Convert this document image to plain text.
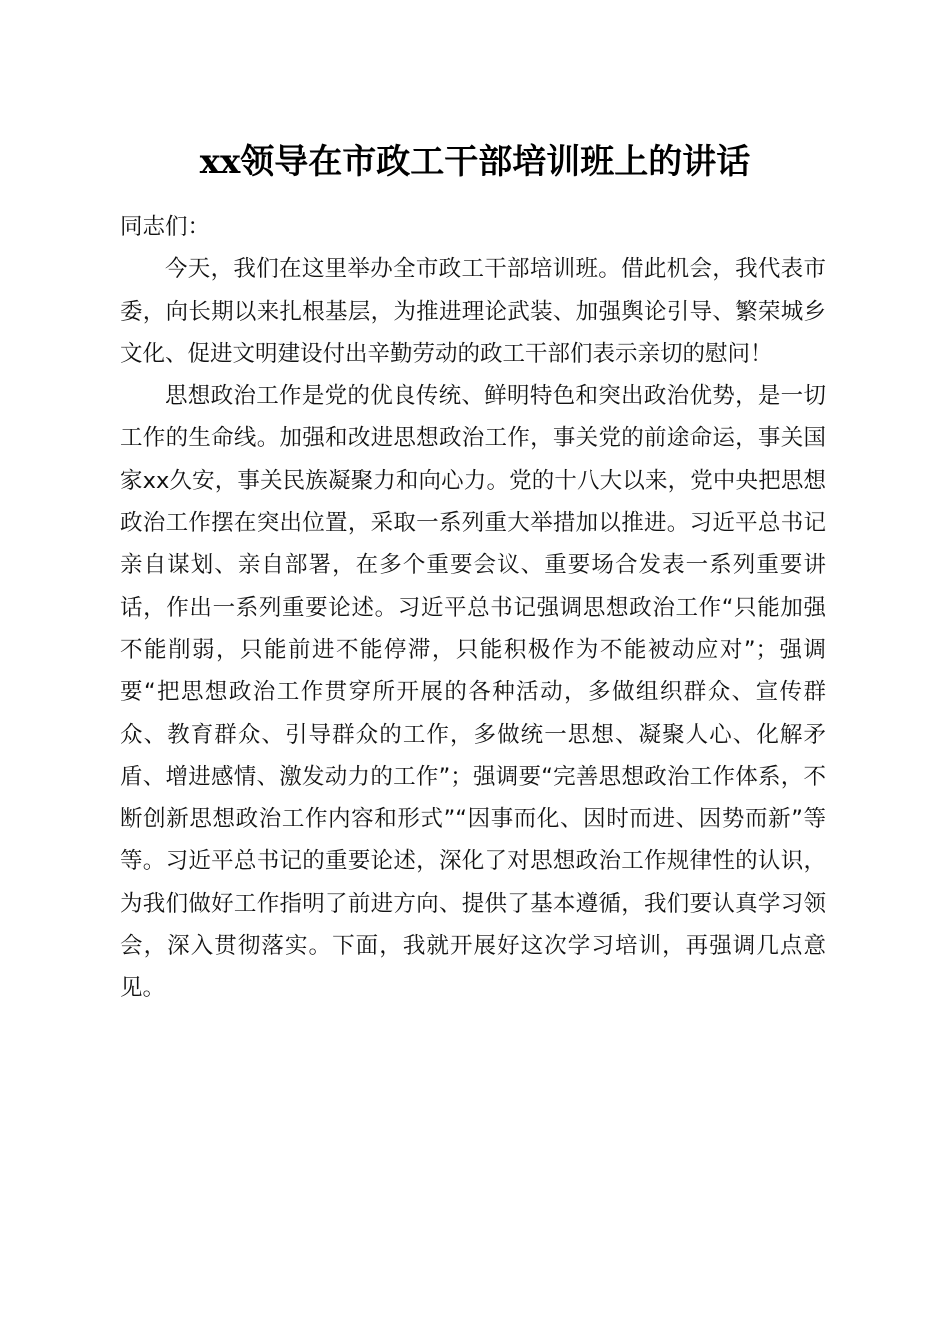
xx领导在市政工干部培训班上的讲话

同志们：

今天，我们在这里举办全市政工干部培训班。借此机会，我代表市委，向长期以来扎根基层，为推进理论武装、加强舆论引导、繁荣城乡文化、促进文明建设付出辛勤劳动的政工干部们表示亲切的慰问！

思想政治工作是党的优良传统、鲜明特色和突出政治优势，是一切工作的生命线。加强和改进思想政治工作，事关党的前途命运，事关国家xx久安，事关民族凝聚力和向心力。党的十八大以来，党中央把思想政治工作摆在突出位置，采取一系列重大举措加以推进。习近平总书记亲自谋划、亲自部署，在多个重要会议、重要场合发表一系列重要讲话，作出一系列重要论述。习近平总书记强调思想政治工作“只能加强不能削弱，只能前进不能停滞，只能积极作为不能被动应对”；强调要“把思想政治工作贯穿所开展的各种活动，多做组织群众、宣传群众、教育群众、引导群众的工作，多做统一思想、凝聚人心、化解矛盾、增进感情、激发动力的工作”；强调要“完善思想政治工作体系，不断创新思想政治工作内容和形式”“因事而化、因时而进、因势而新”等等。习近平总书记的重要论述，深化了对思想政治工作规律性的认识，为我们做好工作指明了前进方向、提供了基本遵循，我们要认真学习领会，深入贯彻落实。下面，我就开展好这次学习培训，再强调几点意见。
